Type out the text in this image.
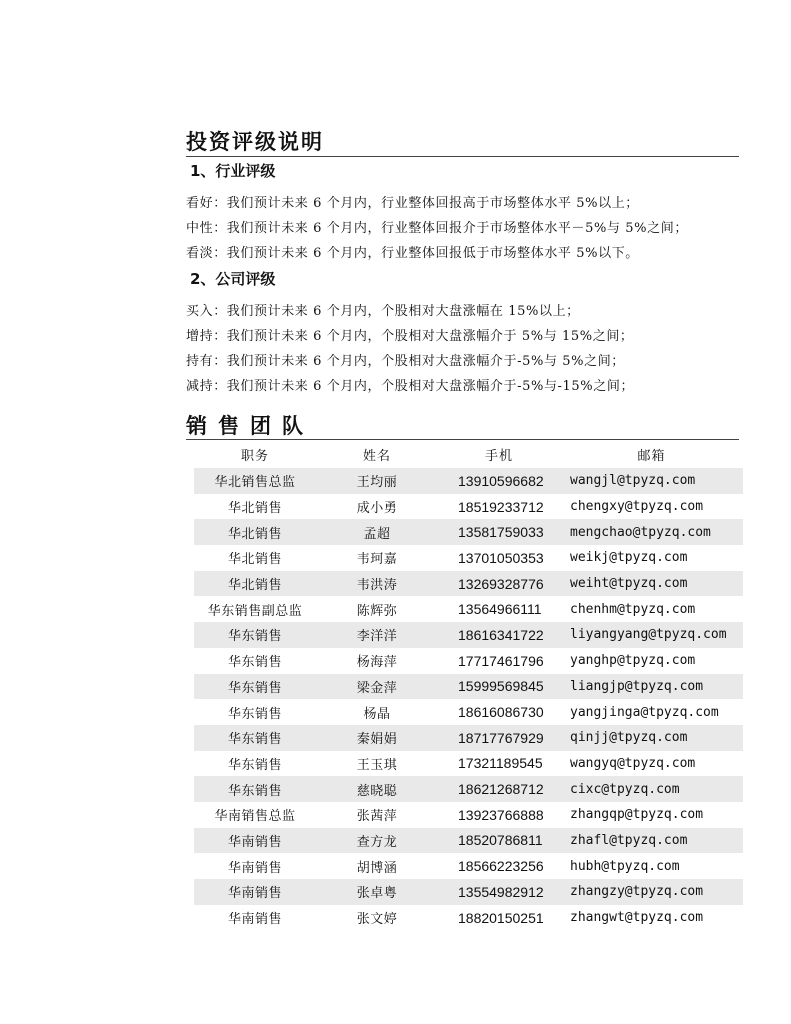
投资评级说明
1、行业评级
看好：我们预计未来 6 个月内，行业整体回报高于市场整体水平 5%以上；
中性：我们预计未来 6 个月内，行业整体回报介于市场整体水平－5%与 5%之间；
看淡：我们预计未来 6 个月内，行业整体回报低于市场整体水平 5%以下。
2、公司评级
买入：我们预计未来 6 个月内，个股相对大盘涨幅在 15%以上；
增持：我们预计未来 6 个月内，个股相对大盘涨幅介于 5%与 15%之间；
持有：我们预计未来 6 个月内，个股相对大盘涨幅介于-5%与 5%之间；
减持：我们预计未来 6 个月内，个股相对大盘涨幅介于-5%与-15%之间；
销售团队
职务	姓名	手机	邮箱
华北销售总监	王均丽	13910596682	wangjl@tpyzq.com
华北销售	成小勇	18519233712	chengxy@tpyzq.com
华北销售	孟超	13581759033	mengchao@tpyzq.com
华北销售	韦珂嘉	13701050353	weikj@tpyzq.com
华北销售	韦洪涛	13269328776	weiht@tpyzq.com
华东销售副总监	陈辉弥	13564966111	chenhm@tpyzq.com
华东销售	李洋洋	18616341722	liyangyang@tpyzq.com
华东销售	杨海萍	17717461796	yanghp@tpyzq.com
华东销售	梁金萍	15999569845	liangjp@tpyzq.com
华东销售	杨晶	18616086730	yangjinga@tpyzq.com
华东销售	秦娟娟	18717767929	qinjj@tpyzq.com
华东销售	王玉琪	17321189545	wangyq@tpyzq.com
华东销售	慈晓聪	18621268712	cixc@tpyzq.com
华南销售总监	张茜萍	13923766888	zhangqp@tpyzq.com
华南销售	查方龙	18520786811	zhafl@tpyzq.com
华南销售	胡博涵	18566223256	hubh@tpyzq.com
华南销售	张卓粤	13554982912	zhangzy@tpyzq.com
华南销售	张文婷	18820150251	zhangwt@tpyzq.com
